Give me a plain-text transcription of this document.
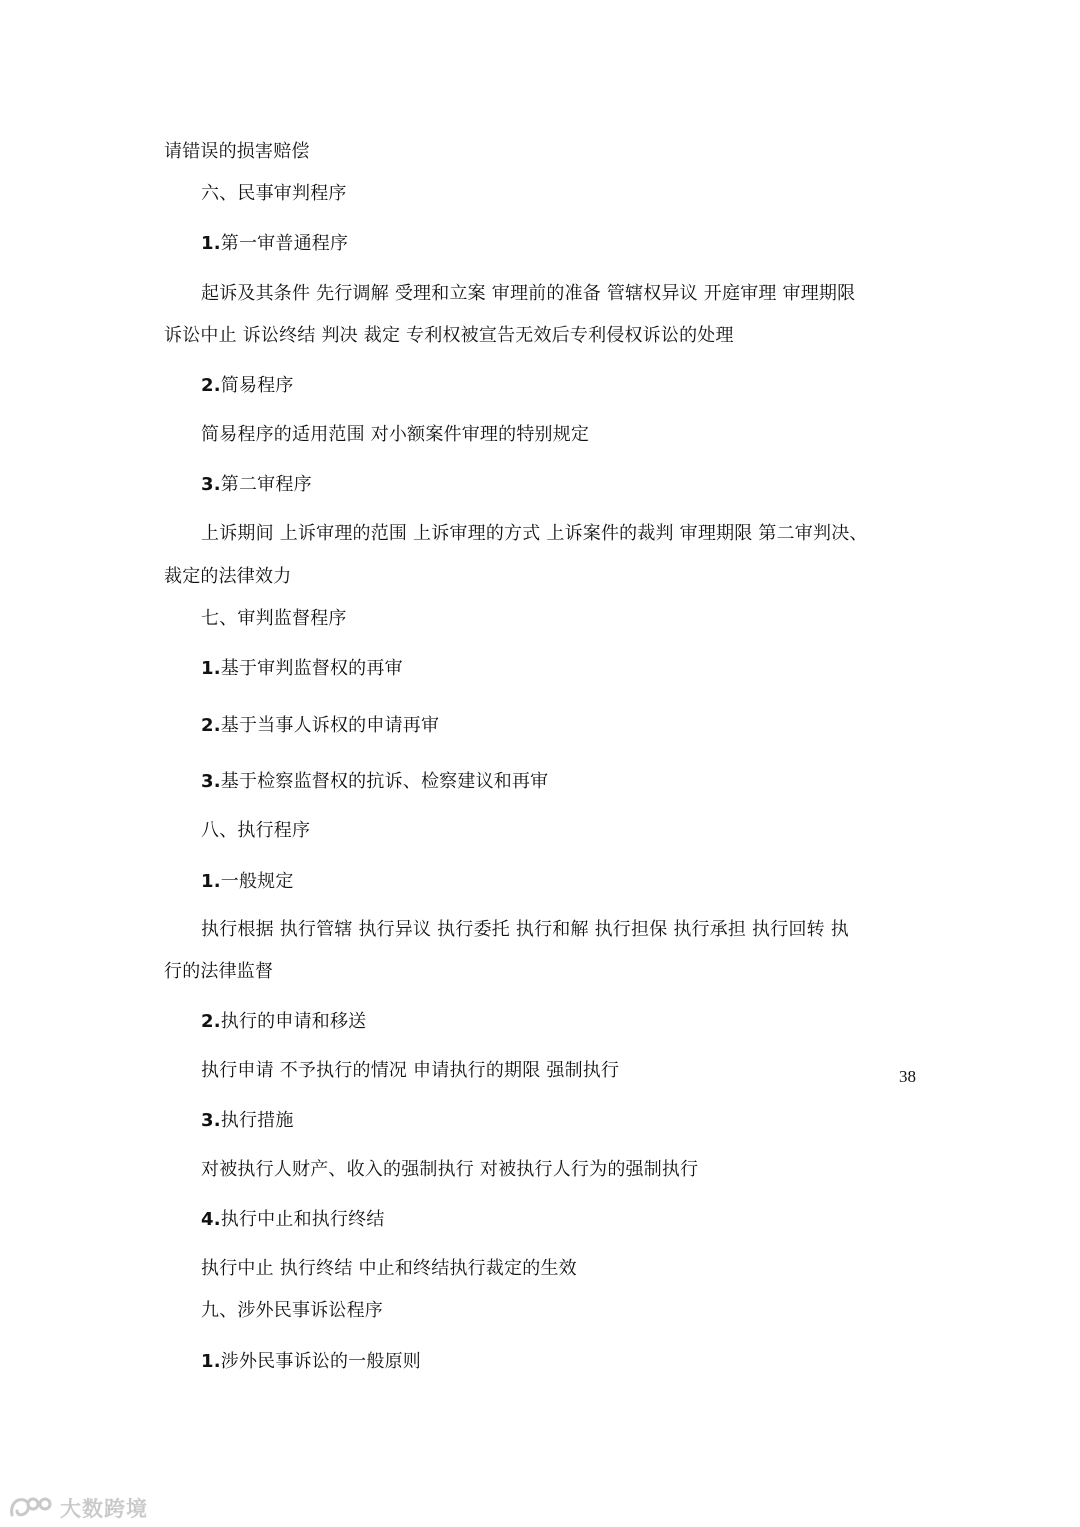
请错误的损害赔偿
六、民事审判程序
1.第一审普通程序
起诉及其条件 先行调解 受理和立案 审理前的准备 管辖权异议 开庭审理 审理期限
诉讼中止 诉讼终结 判决 裁定 专利权被宣告无效后专利侵权诉讼的处理
2.简易程序
简易程序的适用范围 对小额案件审理的特别规定
3.第二审程序
上诉期间 上诉审理的范围 上诉审理的方式 上诉案件的裁判 审理期限 第二审判决、
裁定的法律效力
七、审判监督程序
1.基于审判监督权的再审
2.基于当事人诉权的申请再审
3.基于检察监督权的抗诉、检察建议和再审
八、执行程序
1.一般规定
执行根据 执行管辖 执行异议 执行委托 执行和解 执行担保 执行承担 执行回转 执
行的法律监督
2.执行的申请和移送
执行申请 不予执行的情况 申请执行的期限 强制执行
3.执行措施
对被执行人财产、收入的强制执行 对被执行人行为的强制执行
4.执行中止和执行终结
执行中止 执行终结 中止和终结执行裁定的生效
九、涉外民事诉讼程序
1.涉外民事诉讼的一般原则
38
大数跨境
